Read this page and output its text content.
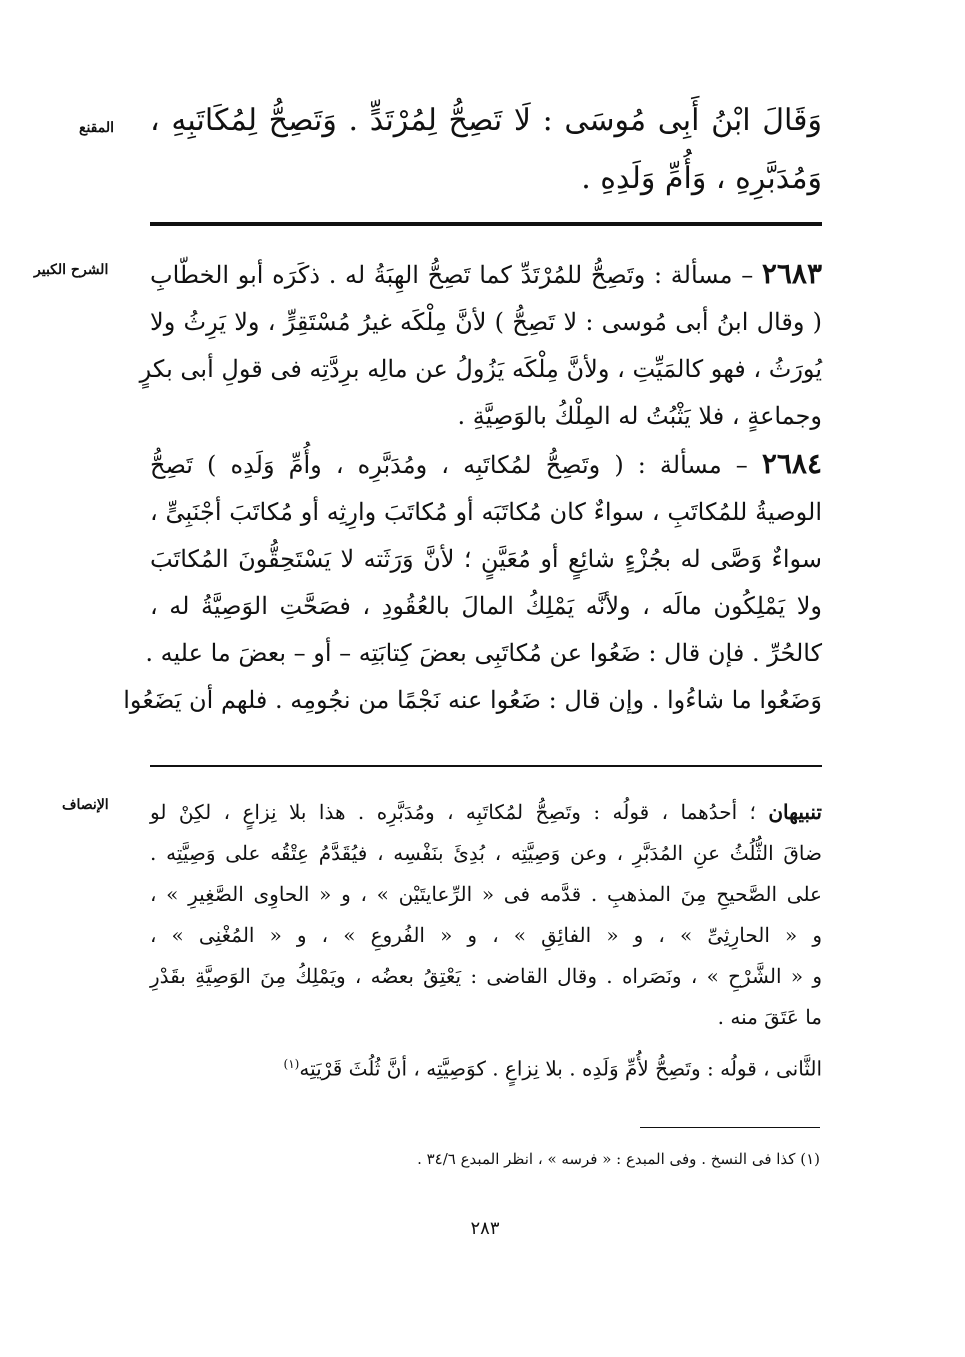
المقنع وَقَالَ ابْنُ أَبِى مُوسَى : لَا تَصِحُّ لِمُرْتَدٍّ . وَتَصِحُّ لِمُكَاتَبِهِ ،
وَمُدَبَّرِهِ ، وَأُمِّ وَلَدِهِ .
الشرح الكبير	٢٦٨٣ – مسألة : وتَصِحُّ للمُرْتَدِّ كما تَصِحُّ الهِبَةُ له . ذكَرَه أبو الخطّابِ
( وقال ابنُ أبى مُوسى : لا تَصِحُّ ) لأنَّ مِلْكَه غيرُ مُسْتَقِرٍّ ، ولا يَرِثُ ولا
يُورَثُ ، فهو كالمَيِّتِ ، ولأنَّ مِلْكَه يَزُولُ عن مالِه برِدَّتِه فى قولِ أبى بكرٍ
وجماعةٍ ، فلا يَثْبُتُ له المِلْكُ بالوَصِيَّةِ .
٢٦٨٤ – مسألة : ( وتَصِحُّ لمُكاتَبِه ، ومُدَبَّرِه ، وأُمِّ وَلَدِه ) تَصِحُّ
الوصيةُ للمُكاتَبِ ، سواءٌ كان مُكاتَبَه أو مُكاتَبَ وارِثِه أو مُكاتَبَ أجْنَبِىٍّ ،
سواءٌ وَصَّى له بجُزْءٍ شائِعٍ أو مُعَيَّنٍ ؛ لأنَّ وَرَثَته لا يَسْتَحِقُّونَ المُكاتَبَ
ولا يَمْلِكُون مالَه ، ولأنَّه يَمْلِكُ المالَ بالعُقُودِ ، فصَحَّتِ الوَصِيَّةُ له ،
كالحُرِّ . فإن قال : ضَعُوا عن مُكاتَبِى بعضَ كِتابَتِه – أو – بعضَ ما عليه .
وَضَعُوا ما شاءُوا . وإن قال : ضَعُوا عنه نَجْمًا من نجُومِه . فلهم أن يَضَعُوا
الإنصاف	تنبيهان ؛ أحدُهما ، قولُه : وتَصِحُّ لمُكاتَبِه ، ومُدَبَّرِه . هذا بلا نِزاعٍ ، لكِنْ لو
ضاقَ الثُّلُثُ عنِ المُدَبَّرِ ، وعن وَصِيَّتِه ، بُدِئَ بنَفْسِه ، فيُقَدَّمُ عِتْقُه على وَصِيَّتِه .
على الصَّحيحِ مِنَ المذهبِ . قدَّمه فى « الرِّعايتَيْن » ، و « الحاوِى الصَّغِيرِ » ،
و « الحارِثِىِّ » ، و « الفائِقِ » ، و « الفُروعِ » ، و « المُغْنِى » ،
و « الشَّرْحِ » ، ونَصَراه . وقال القاضى : يَعْتِقُ بعضُه ، ويَمْلِكُ مِنَ الوَصِيَّةِ بقَدْرِ
ما عَتَقَ منه .
الثَّانى ، قولُه : وتَصِحُّ لأُمِّ وَلَدِه . بلا نِزاعٍ . كوَصِيَّتِه ، أنَّ ثُلُثَ قَرْيَتِه$^{(١)}$
(١) كذا فى النسخ . وفى المبدع : « فرسه » ، انظر المبدع ٣٤/٦ .
٢٨٣
